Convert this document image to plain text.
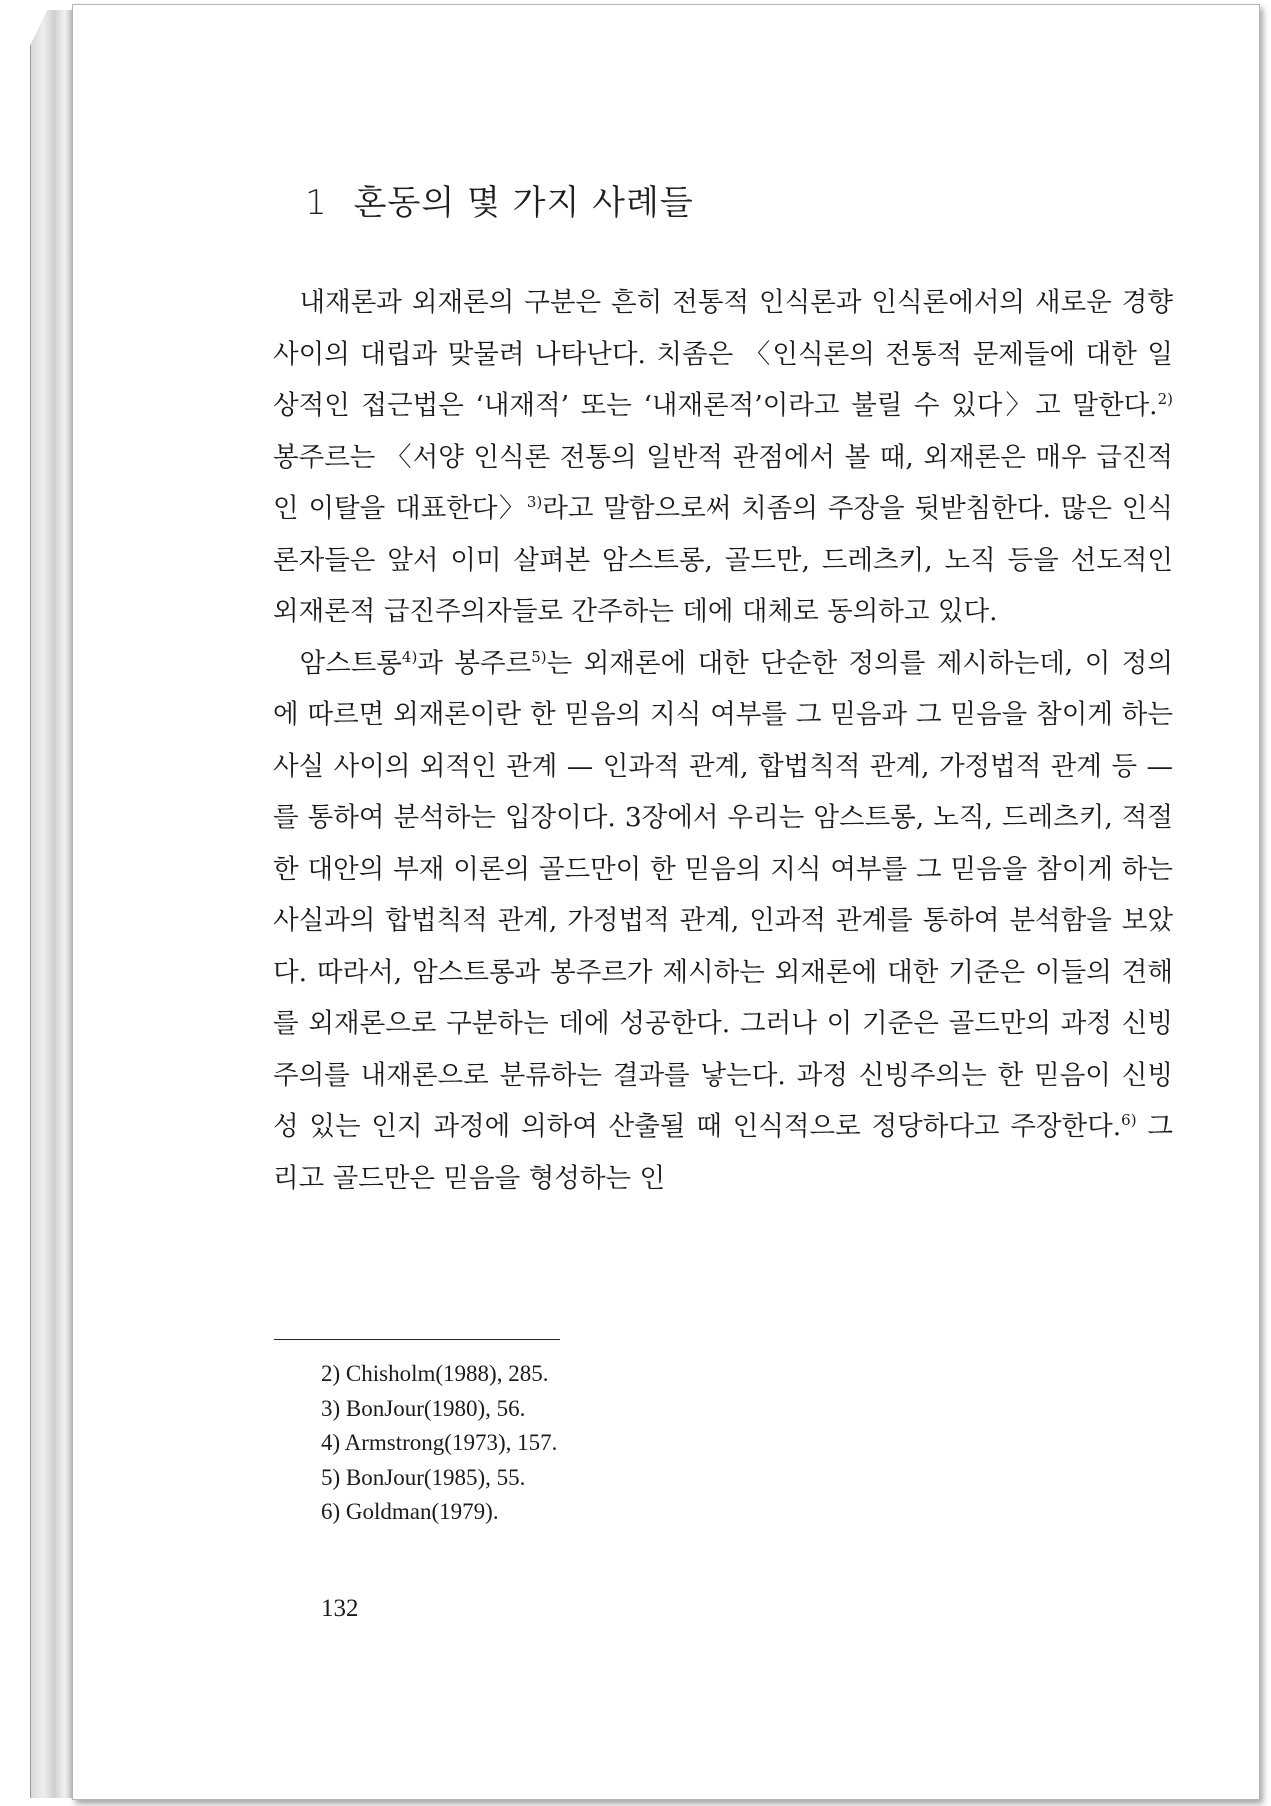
1 혼동의 몇 가지 사례들

내재론과 외재론의 구분은 흔히 전통적 인식론과 인식론에서의 새로운 경향 사이의 대립과 맞물려 나타난다. 치좀은 〈인식론의 전통적 문제들에 대한 일상적인 접근법은 ‘내재적’ 또는 ‘내재론적’이라고 불릴 수 있다〉고 말한다.$^{2)}$ 봉주르는 〈서양 인식론 전통의 일반적 관점에서 볼 때, 외재론은 매우 급진적인 이탈을 대표한다〉$^{3)}$라고 말함으로써 치좀의 주장을 뒷받침한다. 많은 인식론자들은 앞서 이미 살펴본 암스트롱, 골드만, 드레츠키, 노직 등을 선도적인 외재론적 급진주의자들로 간주하는 데에 대체로 동의하고 있다.

암스트롱$^{4)}$과 봉주르$^{5)}$는 외재론에 대한 단순한 정의를 제시하는데, 이 정의에 따르면 외재론이란 한 믿음의 지식 여부를 그 믿음과 그 믿음을 참이게 하는 사실 사이의 외적인 관계 — 인과적 관계, 합법칙적 관계, 가정법적 관계 등 — 를 통하여 분석하는 입장이다. 3장에서 우리는 암스트롱, 노직, 드레츠키, 적절한 대안의 부재 이론의 골드만이 한 믿음의 지식 여부를 그 믿음을 참이게 하는 사실과의 합법칙적 관계, 가정법적 관계, 인과적 관계를 통하여 분석함을 보았다. 따라서, 암스트롱과 봉주르가 제시하는 외재론에 대한 기준은 이들의 견해를 외재론으로 구분하는 데에 성공한다. 그러나 이 기준은 골드만의 과정 신빙주의를 내재론으로 분류하는 결과를 낳는다. 과정 신빙주의는 한 믿음이 신빙성 있는 인지 과정에 의하여 산출될 때 인식적으로 정당하다고 주장한다.$^{6)}$ 그리고 골드만은 믿음을 형성하는 인

2) Chisholm(1988), 285.
3) BonJour(1980), 56.
4) Armstrong(1973), 157.
5) BonJour(1985), 55.
6) Goldman(1979).
132
